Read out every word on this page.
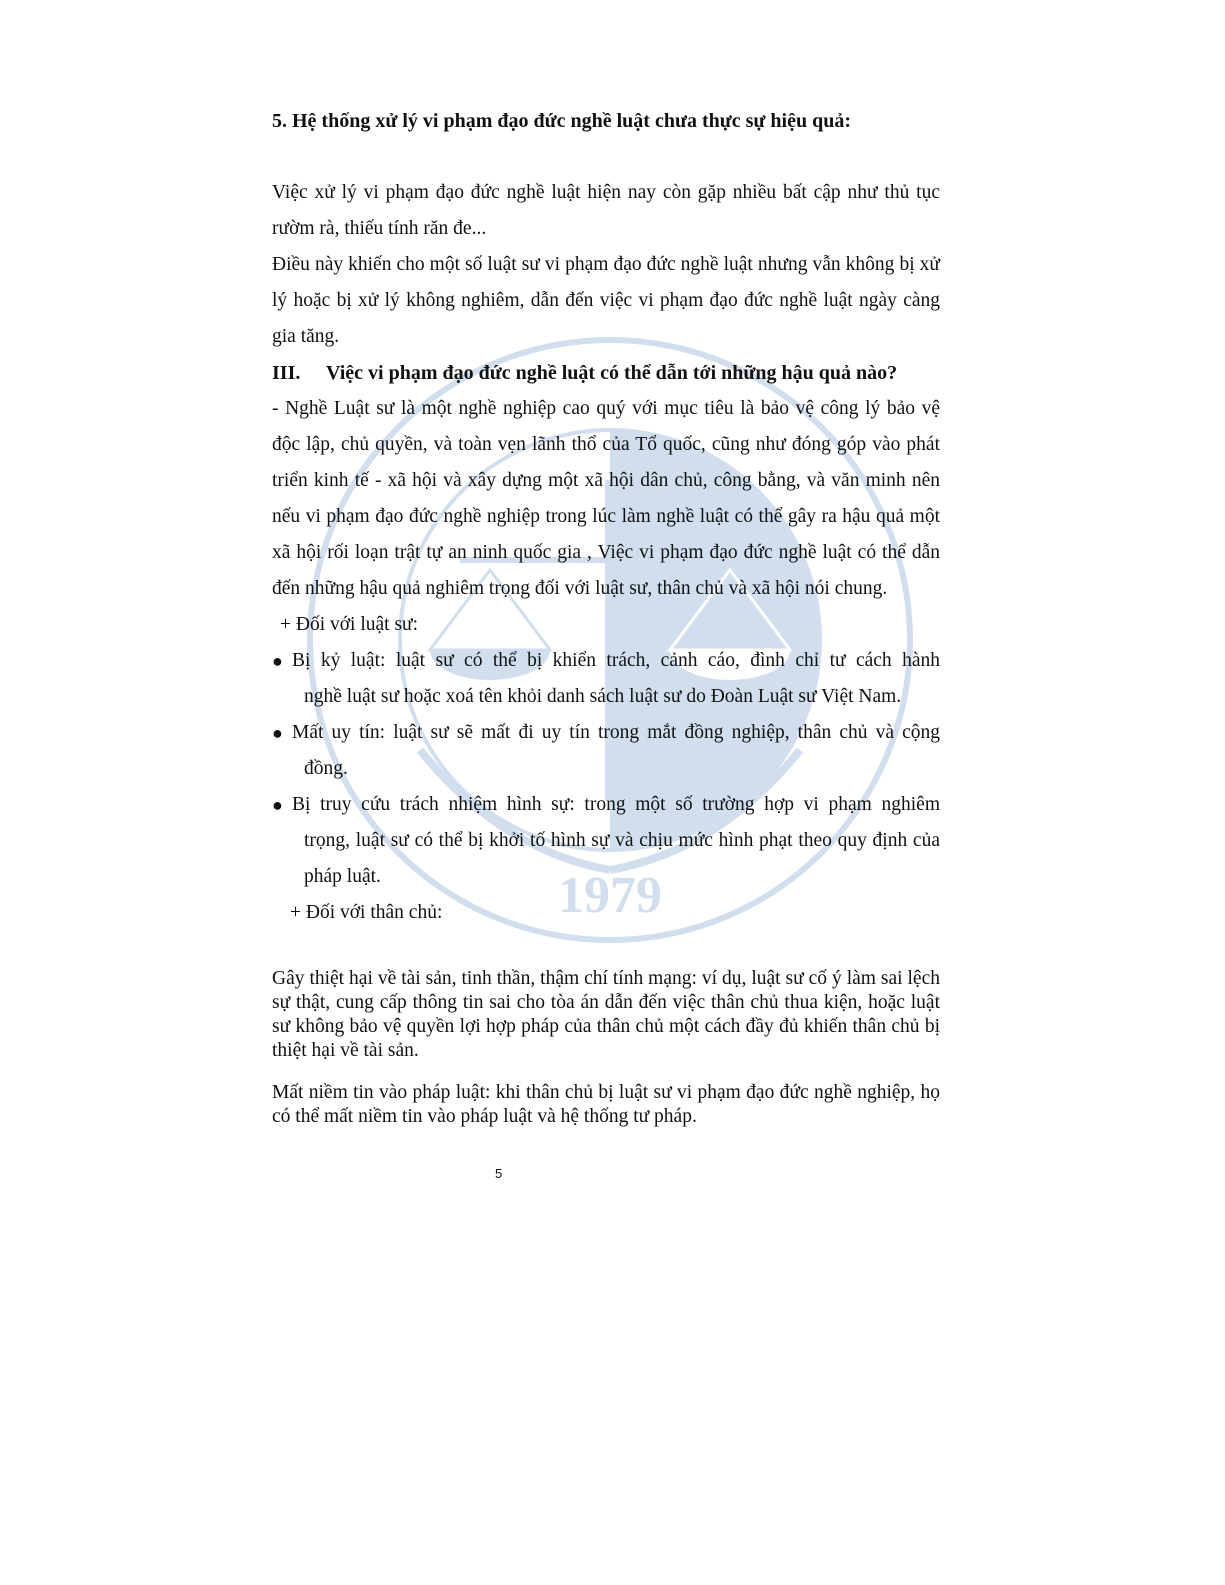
1979

5. Hệ thống xử lý vi phạm đạo đức nghề luật chưa thực sự hiệu quả:

Việc xử lý vi phạm đạo đức nghề luật hiện nay còn gặp nhiều bất cập như thủ tục rườm rà, thiếu tính răn đe...

Điều này khiến cho một số luật sư vi phạm đạo đức nghề luật nhưng vẫn không bị xử lý hoặc bị xử lý không nghiêm, dẫn đến việc vi phạm đạo đức nghề luật ngày càng gia tăng.

III.	Việc vi phạm đạo đức nghề luật có thể dẫn tới những hậu quả nào?

- Nghề Luật sư là một nghề nghiệp cao quý với mục tiêu là bảo vệ công lý bảo vệ độc lập, chủ quyền, và toàn vẹn lãnh thổ của Tổ quốc, cũng như đóng góp vào phát triển kinh tế - xã hội và xây dựng một xã hội dân chủ, công bằng, và văn minh nên nếu vi phạm đạo đức nghề nghiệp trong lúc làm nghề luật có thể gây ra hậu quả một xã hội rối loạn trật tự an ninh quốc gia , Việc vi phạm đạo đức nghề luật có thể dẫn đến những hậu quả nghiêm trọng đối với luật sư, thân chủ và xã hội nói chung.

+ Đối với luật sư:

● Bị kỷ luật: luật sư có thể bị khiển trách, cảnh cáo, đình chỉ tư cách hành
nghề luật sư hoặc xoá tên khỏi danh sách luật sư do Đoàn Luật sư Việt Nam.
● Mất uy tín: luật sư sẽ mất đi uy tín trong mắt đồng nghiệp, thân chủ và cộng
đồng.
● Bị truy cứu trách nhiệm hình sự: trong một số trường hợp vi phạm nghiêm
trọng, luật sư có thể bị khởi tố hình sự và chịu mức hình phạt theo quy định của pháp luật.

+ Đối với thân chủ:

Gây thiệt hại về tài sản, tinh thần, thậm chí tính mạng: ví dụ, luật sư cố ý làm sai lệch sự thật, cung cấp thông tin sai cho tòa án dẫn đến việc thân chủ thua kiện, hoặc luật sư không bảo vệ quyền lợi hợp pháp của thân chủ một cách đầy đủ khiến thân chủ bị thiệt hại về tài sản.

Mất niềm tin vào pháp luật: khi thân chủ bị luật sư vi phạm đạo đức nghề nghiệp, họ có thể mất niềm tin vào pháp luật và hệ thống tư pháp.

5
